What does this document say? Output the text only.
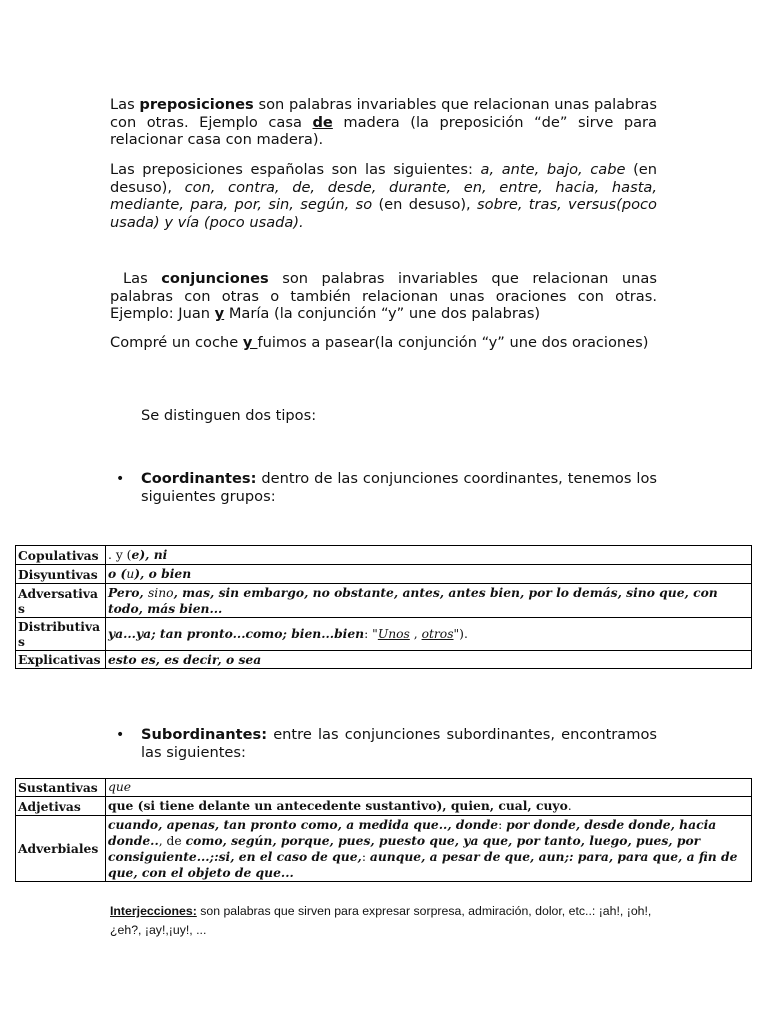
Las preposiciones son palabras invariables que relacionan unas palabras con otras. Ejemplo casa de madera (la preposición “de” sirve para relacionar casa con madera).

Las preposiciones españolas son las siguientes: a, ante, bajo, cabe (en desuso), con, contra, de, desde, durante, en, entre, hacia, hasta, mediante, para, por, sin, según, so (en desuso), sobre, tras, versus(poco usada) y vía (poco usada).

Las conjunciones son palabras invariables que relacionan unas palabras con otras o también relacionan unas oraciones con otras. Ejemplo: Juan y María (la conjunción “y” une dos palabras)

Compré un coche y fuimos a pasear(la conjunción “y” une dos oraciones)

Se distinguen dos tipos:

• Coordinantes: dentro de las conjunciones coordinantes, tenemos los siguientes grupos:

Copulativas	. y (e), ni
Disyuntivas	o (u), o bien
Adversativas	Pero, sino, mas, sin embargo, no obstante, antes, antes bien, por lo demás, sino que, con todo, más bien...
Distributivas	ya...ya; tan pronto...como; bien...bien: "Unos , otros").
Explicativas	esto es, es decir, o sea
• Subordinantes: entre las conjunciones subordinantes, encontramos las siguientes:

Sustantivas	que
Adjetivas	que (si tiene delante un antecedente sustantivo), quien, cual, cuyo.
Adverbiales	cuando, apenas, tan pronto como, a medida que.., donde: por donde, desde donde, hacia donde.., de como, según, porque, pues, puesto que, ya que, por tanto, luego, pues, por consiguiente...;:si, en el caso de que,: aunque, a pesar de que, aun;: para, para que, a fin de que, con el objeto de que...
Interjecciones: son palabras que sirven para expresar sorpresa, admiración, dolor, etc..: ¡ah!, ¡oh!, ¿eh?, ¡ay!,¡uy!, ...
